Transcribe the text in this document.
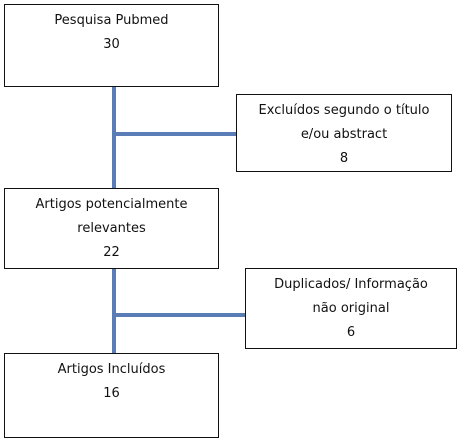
Pesquisa Pubmed
30
Excluídos segundo o título
e/ou abstract
8
Artigos potencialmente
relevantes
22
Duplicados/ Informação
não original
6
Artigos Incluídos
16
